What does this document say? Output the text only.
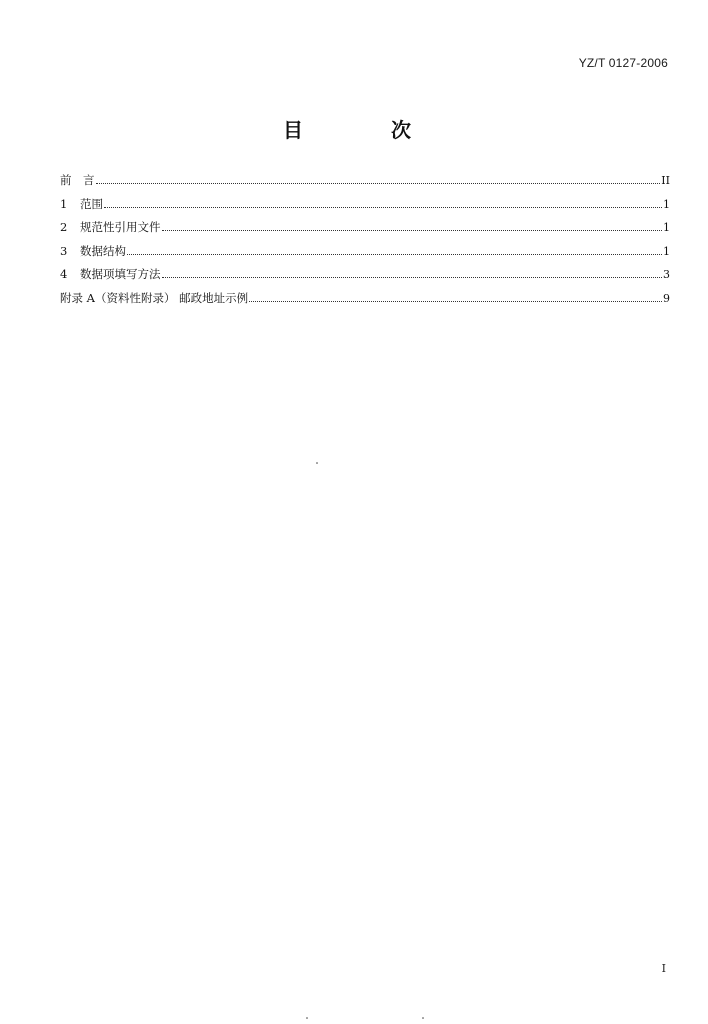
YZ/T 0127-2006
目　次
前　言	II
1	范围	1
2	规范性引用文件	1
3	数据结构	1
4	数据项填写方法	3
附录 A（资料性附录） 邮政地址示例	9
I
